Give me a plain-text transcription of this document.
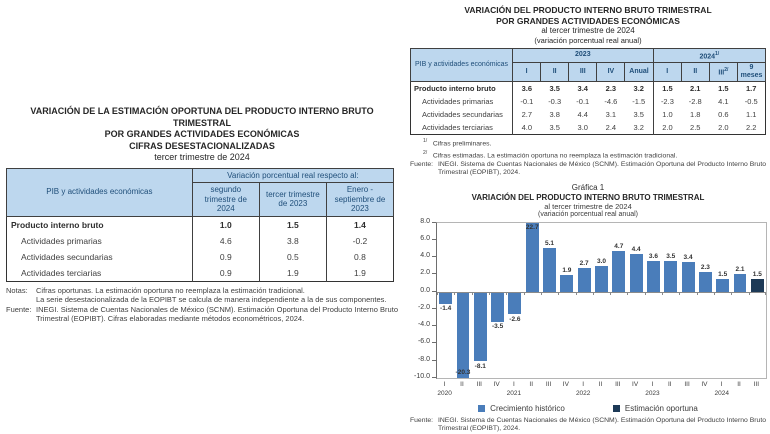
VARIACIÓN DE LA ESTIMACIÓN OPORTUNA DEL PRODUCTO INTERNO BRUTO TRIMESTRAL
POR GRANDES ACTIVIDADES ECONÓMICAS
CIFRAS DESESTACIONALIZADAS
tercer trimestre de 2024
PIB y actividades económicas	Variación porcentual real respecto al:		
	segundo trimestre de 2024	tercer trimestre de 2023	Enero - septiembre de 2023
Producto interno bruto	1.0	1.5	1.4
Actividades primarias	4.6	3.8	-0.2
Actividades secundarias	0.9	0.5	0.8
Actividades terciarias	0.9	1.9	1.9
Notas:	Cifras oportunas. La estimación oportuna no reemplaza la estimación tradicional.
La serie desestacionalizada de la EOPIBT se calcula de manera independiente a la de sus componentes.
Fuente: INEGI. Sistema de Cuentas Nacionales de México (SCNM). Estimación Oportuna del Producto Interno Bruto Trimestral (EOPIBT). Cifras elaboradas mediante métodos econométricos, 2024.
VARIACIÓN DEL PRODUCTO INTERNO BRUTO TRIMESTRAL
POR GRANDES ACTIVIDADES ECONÓMICAS
al tercer trimestre de 2024
(variación porcentual real anual)
PIB y actividades económicas	2023					$2024^{1/}$
	I	II	III	IV	Anual	I	II	$III^{2/}$	9 meses
Producto interno bruto	3.6	3.5	3.4	2.3	3.2	1.5	2.1	1.5	1.7
Actividades primarias	-0.1	-0.3	-0.1	-4.6	-1.5	-2.3	-2.8	4.1	-0.5
Actividades secundarias	2.7	3.8	4.4	3.1	3.5	1.0	1.8	0.6	1.1
Actividades terciarias	4.0	3.5	3.0	2.4	3.2	2.0	2.5	2.0	2.2
$^{1/}$ Cifras preliminares.
$^{2/}$ Cifras estimadas. La estimación oportuna no reemplaza la estimación tradicional.
Fuente: INEGI. Sistema de Cuentas Nacionales de México (SCNM). Estimación Oportuna del Producto Interno Bruto Trimestral (EOPIBT), 2024.
Gráfica 1
VARIACIÓN DEL PRODUCTO INTERNO BRUTO TRIMESTRAL
al tercer trimestre de 2024
(variación porcentual real anual)
-1.4
-20.3
-8.1
-3.5
-2.6
22.7
5.1
1.9
2.7	3.0
4.7	4.4
3.6	3.5	3.4
2.3
1.5
2.1
1.5
8.0
6.0
4.0
2.0
0.0
-2.0
-4.0
-6.0
-8.0
-10.0
I	II	III	IV	I	II	III	IV	I	II	III	IV	I	II	III	IV	I	II	III
2020	2021	2022	2023	2024
Crecimiento histórico	Estimación oportuna
Fuente: INEGI. Sistema de Cuentas Nacionales de México (SCNM). Estimación Oportuna del Producto Interno Bruto Trimestral (EOPIBT), 2024.
